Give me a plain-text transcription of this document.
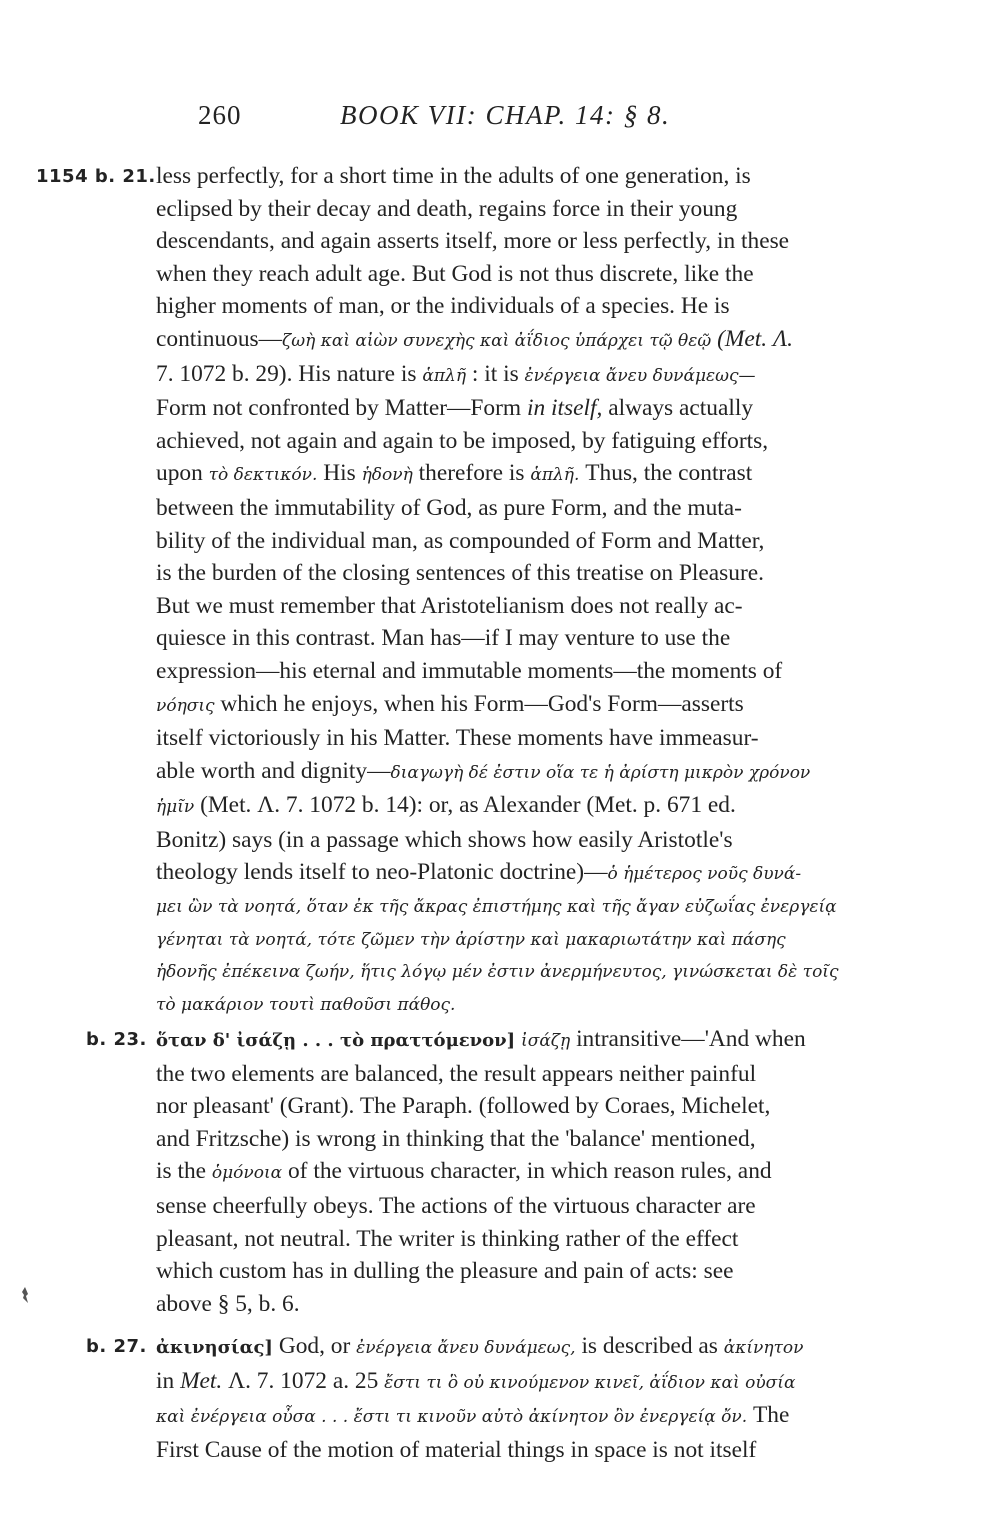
260	BOOK VII: CHAP. 14: § 8.
1154 b. 21. less perfectly, for a short time in the adults of one generation, is
eclipsed by their decay and death, regains force in their young
descendants, and again asserts itself, more or less perfectly, in these
when they reach adult age. But God is not thus discrete, like the
higher moments of man, or the individuals of a species. He is
continuous—ζωὴ καὶ αἰὼν συνεχὴς καὶ ἀΐδιος ὑπάρχει τῷ θεῷ (Met. Λ.
7. 1072 b. 29). His nature is ἁπλῆ : it is ἐνέργεια ἄνευ δυνάμεως—
Form not confronted by Matter—Form in itself, always actually
achieved, not again and again to be imposed, by fatiguing efforts,
upon τὸ δεκτικόν. His ἡδονὴ therefore is ἁπλῆ. Thus, the contrast
between the immutability of God, as pure Form, and the muta-
bility of the individual man, as compounded of Form and Matter,
is the burden of the closing sentences of this treatise on Pleasure.
But we must remember that Aristotelianism does not really ac-
quiesce in this contrast. Man has—if I may venture to use the
expression—his eternal and immutable moments—the moments of
νόησις which he enjoys, when his Form—God's Form—asserts
itself victoriously in his Matter. These moments have immeasur-
able worth and dignity—διαγωγὴ δέ ἐστιν οἵα τε ἡ ἀρίστη μικρὸν χρόνον
ἡμῖν (Met. Λ. 7. 1072 b. 14): or, as Alexander (Met. p. 671 ed.
Bonitz) says (in a passage which shows how easily Aristotle's
theology lends itself to neo-Platonic doctrine)—ὁ ἡμέτερος νοῦς δυνά-
μει ὢν τὰ νοητά, ὅταν ἐκ τῆς ἄκρας ἐπιστήμης καὶ τῆς ἄγαν εὐζωΐας ἐνεργείᾳ
γένηται τὰ νοητά, τότε ζῶμεν τὴν ἀρίστην καὶ μακαριωτάτην καὶ πάσης
ἡδονῆς ἐπέκεινα ζωήν, ἥτις λόγῳ μέν ἐστιν ἀνερμήνευτος, γινώσκεται δὲ τοῖς
τὸ μακάριον τουτὶ παθοῦσι πάθος.
b. 23. ὅταν δ' ἰσάζῃ . . . τὸ πραττόμενον] ἰσάζῃ intransitive—'And when
the two elements are balanced, the result appears neither painful
nor pleasant' (Grant). The Paraph. (followed by Coraes, Michelet,
and Fritzsche) is wrong in thinking that the 'balance' mentioned,
is the ὁμόνοια of the virtuous character, in which reason rules, and
sense cheerfully obeys. The actions of the virtuous character are
pleasant, not neutral. The writer is thinking rather of the effect
which custom has in dulling the pleasure and pain of acts: see
above § 5, b. 6.
b. 27. ἀκινησίας] God, or ἐνέργεια ἄνευ δυνάμεως, is described as ἀκίνητον
in Met. Λ. 7. 1072 a. 25 ἔστι τι ὃ οὐ κινούμενον κινεῖ, ἀΐδιον καὶ οὐσία
καὶ ἐνέργεια οὖσα . . . ἔστι τι κινοῦν αὐτὸ ἀκίνητον ὂν ἐνεργείᾳ ὄν. The
First Cause of the motion of material things in space is not itself
